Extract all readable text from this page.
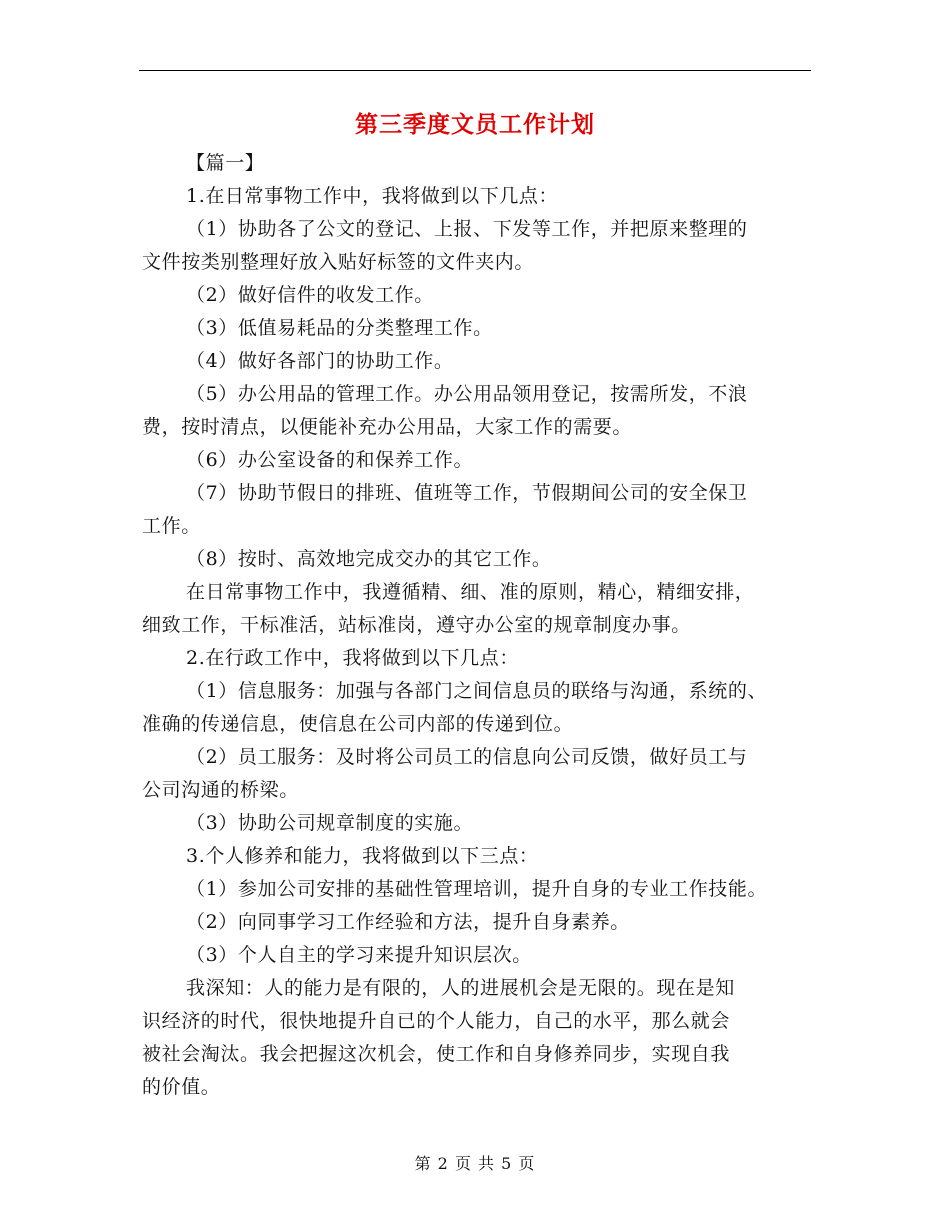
第三季度文员工作计划
【篇一】
1.在日常事物工作中，我将做到以下几点：
（1）协助各了公文的登记、上报、下发等工作，并把原来整理的
文件按类别整理好放入贴好标签的文件夹内。
（2）做好信件的收发工作。
（3）低值易耗品的分类整理工作。
（4）做好各部门的协助工作。
（5）办公用品的管理工作。办公用品领用登记，按需所发，不浪
费，按时清点，以便能补充办公用品，大家工作的需要。
（6）办公室设备的和保养工作。
（7）协助节假日的排班、值班等工作，节假期间公司的安全保卫
工作。
（8）按时、高效地完成交办的其它工作。
在日常事物工作中，我遵循精、细、准的原则，精心，精细安排，
细致工作，干标准活，站标准岗，遵守办公室的规章制度办事。
2.在行政工作中，我将做到以下几点：
（1）信息服务：加强与各部门之间信息员的联络与沟通，系统的、
准确的传递信息，使信息在公司内部的传递到位。
（2）员工服务：及时将公司员工的信息向公司反馈，做好员工与
公司沟通的桥梁。
（3）协助公司规章制度的实施。
3.个人修养和能力，我将做到以下三点：
（1）参加公司安排的基础性管理培训，提升自身的专业工作技能。
（2）向同事学习工作经验和方法，提升自身素养。
（3）个人自主的学习来提升知识层次。
我深知：人的能力是有限的，人的进展机会是无限的。现在是知
识经济的时代，很快地提升自已的个人能力，自己的水平，那么就会
被社会淘汰。我会把握这次机会，使工作和自身修养同步，实现自我
的价值。
第 2 页 共 5 页
